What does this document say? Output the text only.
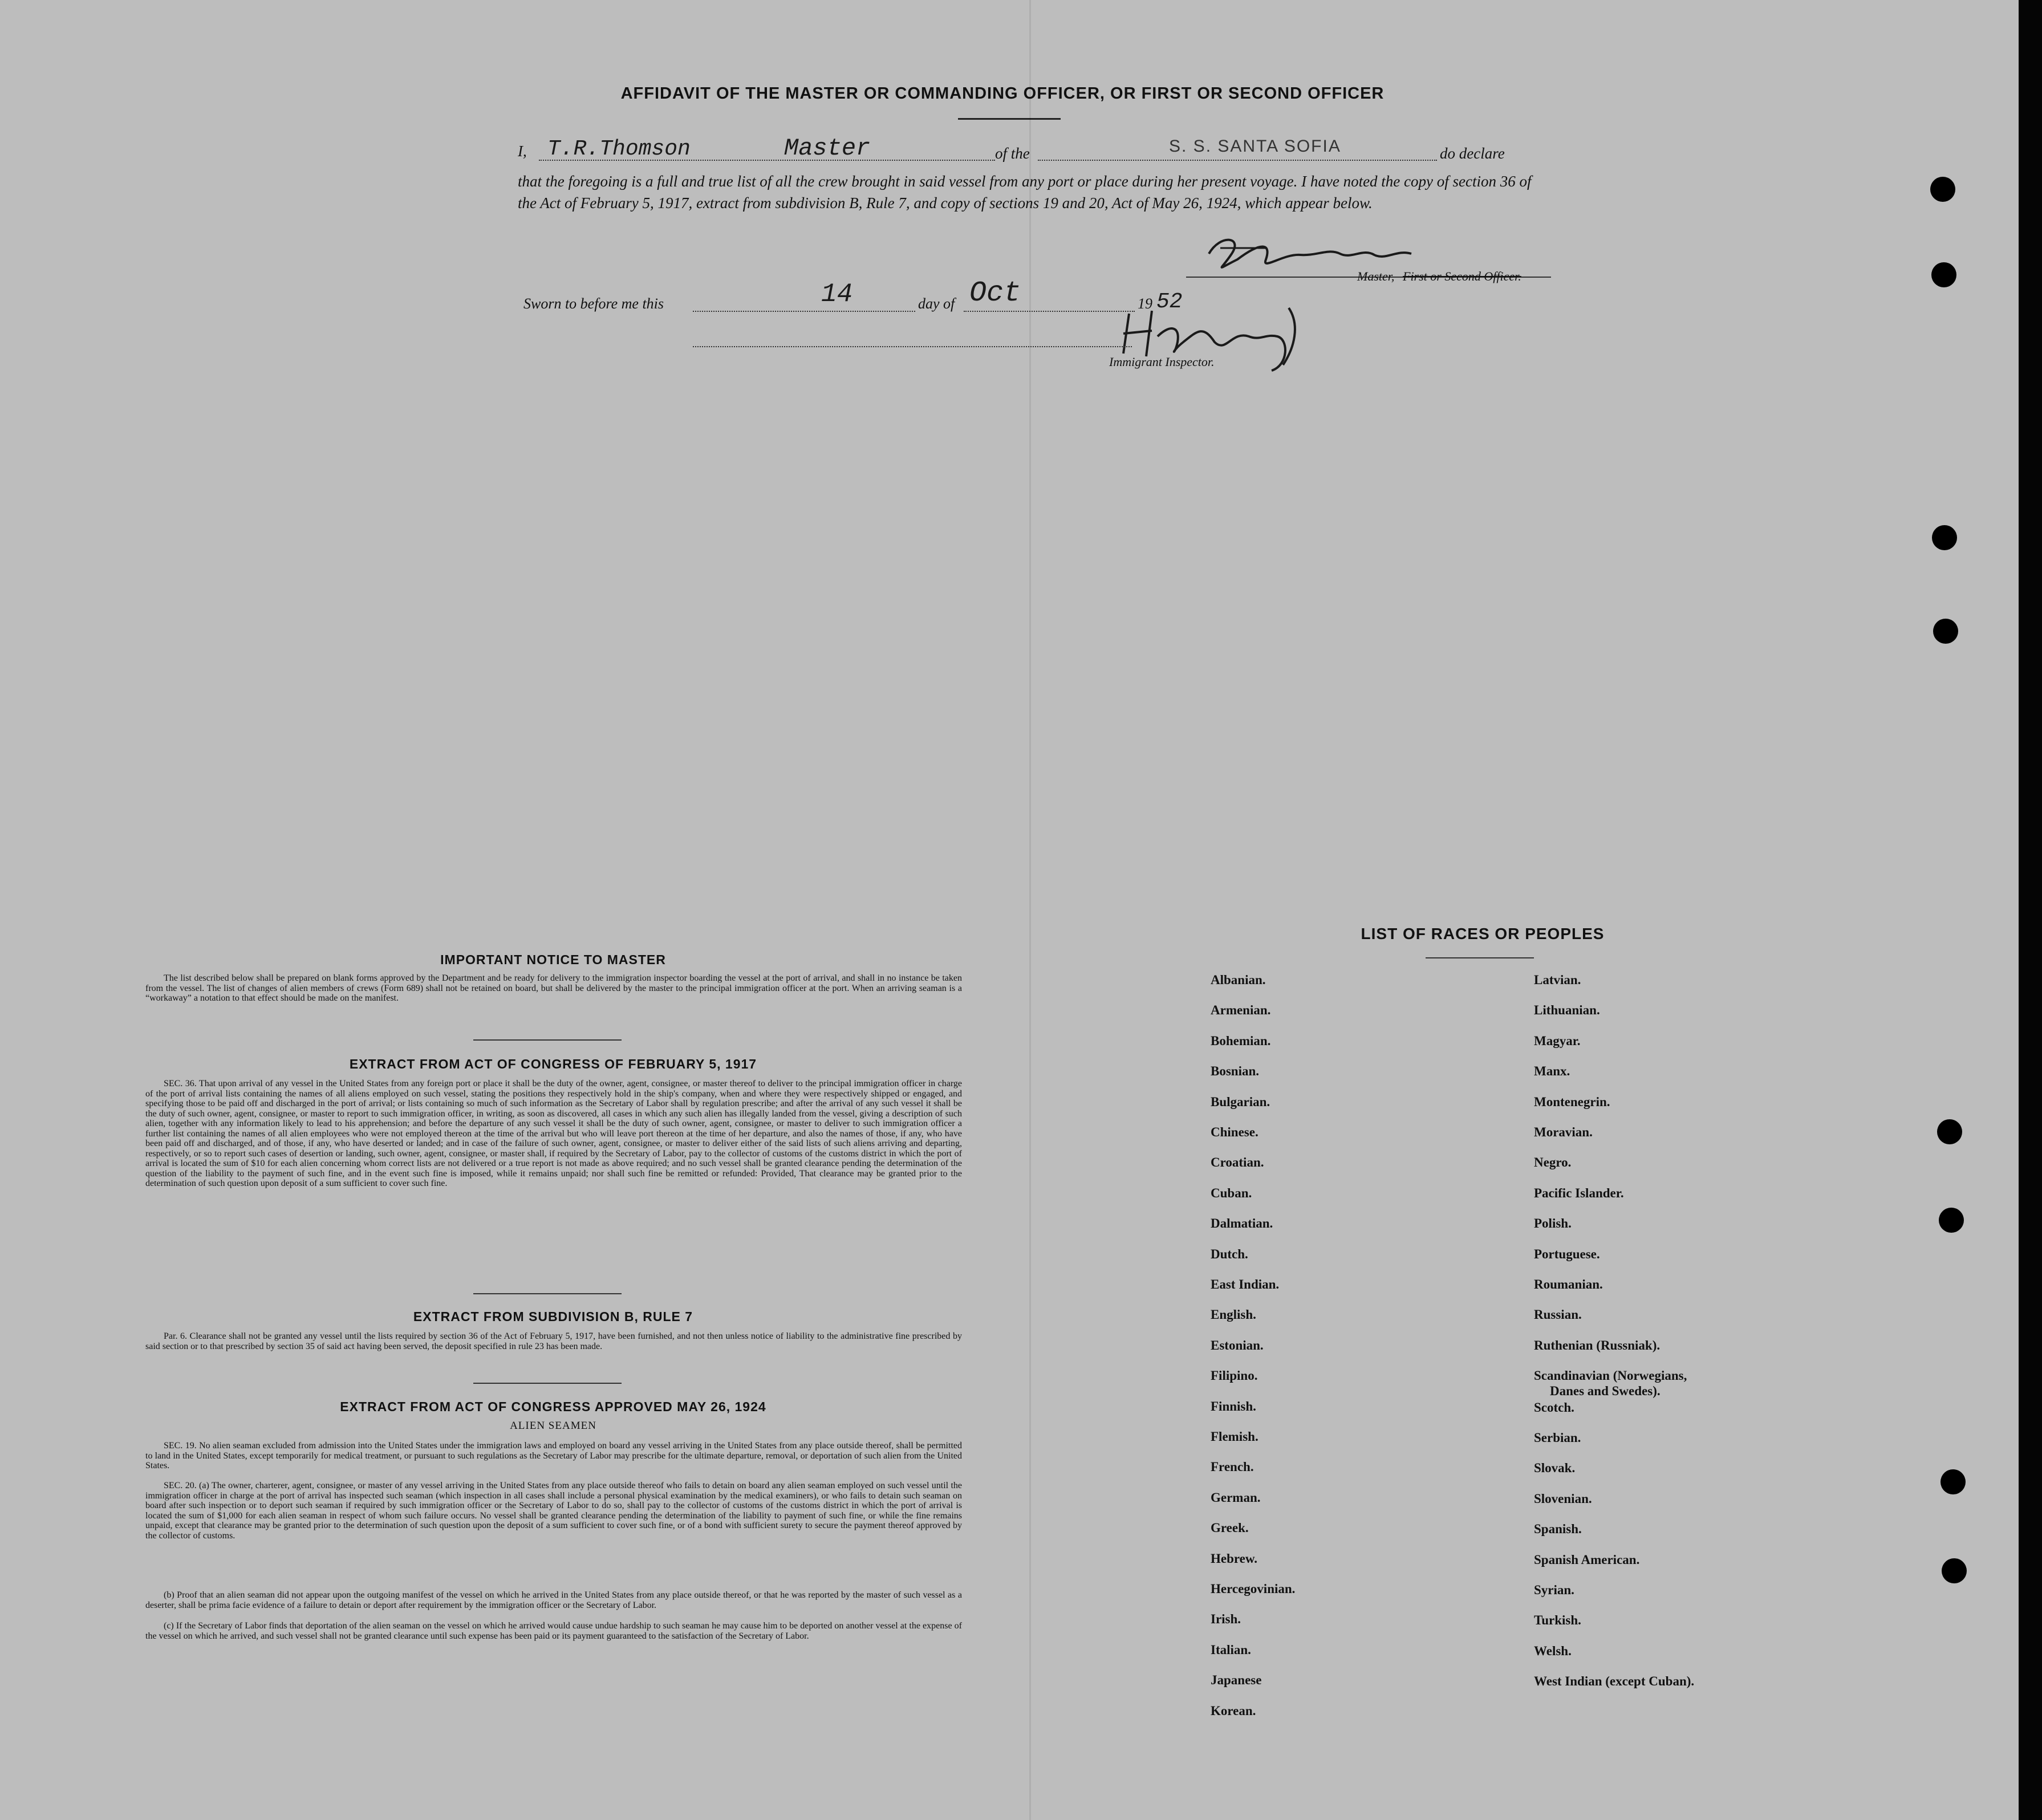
AFFIDAVIT OF THE MASTER OR COMMANDING OFFICER, OR FIRST OR SECOND OFFICER
I, T.R.Thomson	Master	of the	S. S. SANTA SOFIA	do declare
that the foregoing is a full and true list of all the crew brought in said vessel from any port or place during her present voyage. I have noted the copy of section 36 of the Act of February 5, 1917, extract from subdivision B, Rule 7, and copy of sections 19 and 20, Act of May 26, 1924, which appear below.
Master, First or Second Officer.
Sworn to before me this	14	day of Oct	19 52
Immigrant Inspector.
IMPORTANT NOTICE TO MASTER
The list described below shall be prepared on blank forms approved by the Department and be ready for delivery to the immigration inspector boarding the vessel at the port of arrival, and shall in no instance be taken from the vessel. The list of changes of alien members of crews (Form 689) shall not be retained on board, but shall be delivered by the master to the principal immigration officer at the port. When an arriving seaman is a “workaway” a notation to that effect should be made on the manifest.
EXTRACT FROM ACT OF CONGRESS OF FEBRUARY 5, 1917
SEC. 36. That upon arrival of any vessel in the United States from any foreign port or place it shall be the duty of the owner, agent, consignee, or master thereof to deliver to the principal immigration officer in charge of the port of arrival lists containing the names of all aliens employed on such vessel, stating the positions they respectively hold in the ship's company, when and where they were respectively shipped or engaged, and specifying those to be paid off and discharged in the port of arrival; or lists containing so much of such information as the Secretary of Labor shall by regulation prescribe; and after the arrival of any such vessel it shall be the duty of such owner, agent, consignee, or master to report to such immigration officer, in writing, as soon as discovered, all cases in which any such alien has illegally landed from the vessel, giving a description of such alien, together with any information likely to lead to his apprehension; and before the departure of any such vessel it shall be the duty of such owner, agent, consignee, or master to deliver to such immigration officer a further list containing the names of all alien employees who were not employed thereon at the time of the arrival but who will leave port thereon at the time of her departure, and also the names of those, if any, who have been paid off and discharged, and of those, if any, who have deserted or landed; and in case of the failure of such owner, agent, consignee, or master to deliver either of the said lists of such aliens arriving and departing, respectively, or so to report such cases of desertion or landing, such owner, agent, consignee, or master shall, if required by the Secretary of Labor, pay to the collector of customs of the customs district in which the port of arrival is located the sum of $10 for each alien concerning whom correct lists are not delivered or a true report is not made as above required; and no such vessel shall be granted clearance pending the determination of the question of the liability to the payment of such fine, and in the event such fine is imposed, while it remains unpaid; nor shall such fine be remitted or refunded: Provided, That clearance may be granted prior to the determination of such question upon deposit of a sum sufficient to cover such fine.
EXTRACT FROM SUBDIVISION B, RULE 7
Par. 6. Clearance shall not be granted any vessel until the lists required by section 36 of the Act of February 5, 1917, have been furnished, and not then unless notice of liability to the administrative fine prescribed by said section or to that prescribed by section 35 of said act having been served, the deposit specified in rule 23 has been made.
EXTRACT FROM ACT OF CONGRESS APPROVED MAY 26, 1924
ALIEN SEAMEN
SEC. 19. No alien seaman excluded from admission into the United States under the immigration laws and employed on board any vessel arriving in the United States from any place outside thereof, shall be permitted to land in the United States, except temporarily for medical treatment, or pursuant to such regulations as the Secretary of Labor may prescribe for the ultimate departure, removal, or deportation of such alien from the United States.
SEC. 20. (a) The owner, charterer, agent, consignee, or master of any vessel arriving in the United States from any place outside thereof who fails to detain on board any alien seaman employed on such vessel until the immigration officer in charge at the port of arrival has inspected such seaman (which inspection in all cases shall include a personal physical examination by the medical examiners), or who fails to detain such seaman on board after such inspection or to deport such seaman if required by such immigration officer or the Secretary of Labor to do so, shall pay to the collector of customs of the customs district in which the port of arrival is located the sum of $1,000 for each alien seaman in respect of whom such failure occurs. No vessel shall be granted clearance pending the determination of the liability to payment of such fine, or while the fine remains unpaid, except that clearance may be granted prior to the determination of such question upon the deposit of a sum sufficient to cover such fine, or of a bond with sufficient surety to secure the payment thereof approved by the collector of customs.
(b) Proof that an alien seaman did not appear upon the outgoing manifest of the vessel on which he arrived in the United States from any place outside thereof, or that he was reported by the master of such vessel as a deserter, shall be prima facie evidence of a failure to detain or deport after requirement by the immigration officer or the Secretary of Labor.
(c) If the Secretary of Labor finds that deportation of the alien seaman on the vessel on which he arrived would cause undue hardship to such seaman he may cause him to be deported on another vessel at the expense of the vessel on which he arrived, and such vessel shall not be granted clearance until such expense has been paid or its payment guaranteed to the satisfaction of the Secretary of Labor.
LIST OF RACES OR PEOPLES
Albanian.
Armenian.
Bohemian.
Bosnian.
Bulgarian.
Chinese.
Croatian.
Cuban.
Dalmatian.
Dutch.
East Indian.
English.
Estonian.
Filipino.
Finnish.
Flemish.
French.
German.
Greek.
Hebrew.
Hercegovinian.
Irish.
Italian.
Japanese
Korean.
Latvian.
Lithuanian.
Magyar.
Manx.
Montenegrin.
Moravian.
Negro.
Pacific Islander.
Polish.
Portuguese.
Roumanian.
Russian.
Ruthenian (Russniak).
Scandinavian (Norwegians,
Danes and Swedes).
Scotch.
Serbian.
Slovak.
Slovenian.
Spanish.
Spanish American.
Syrian.
Turkish.
Welsh.
West Indian (except Cuban).
